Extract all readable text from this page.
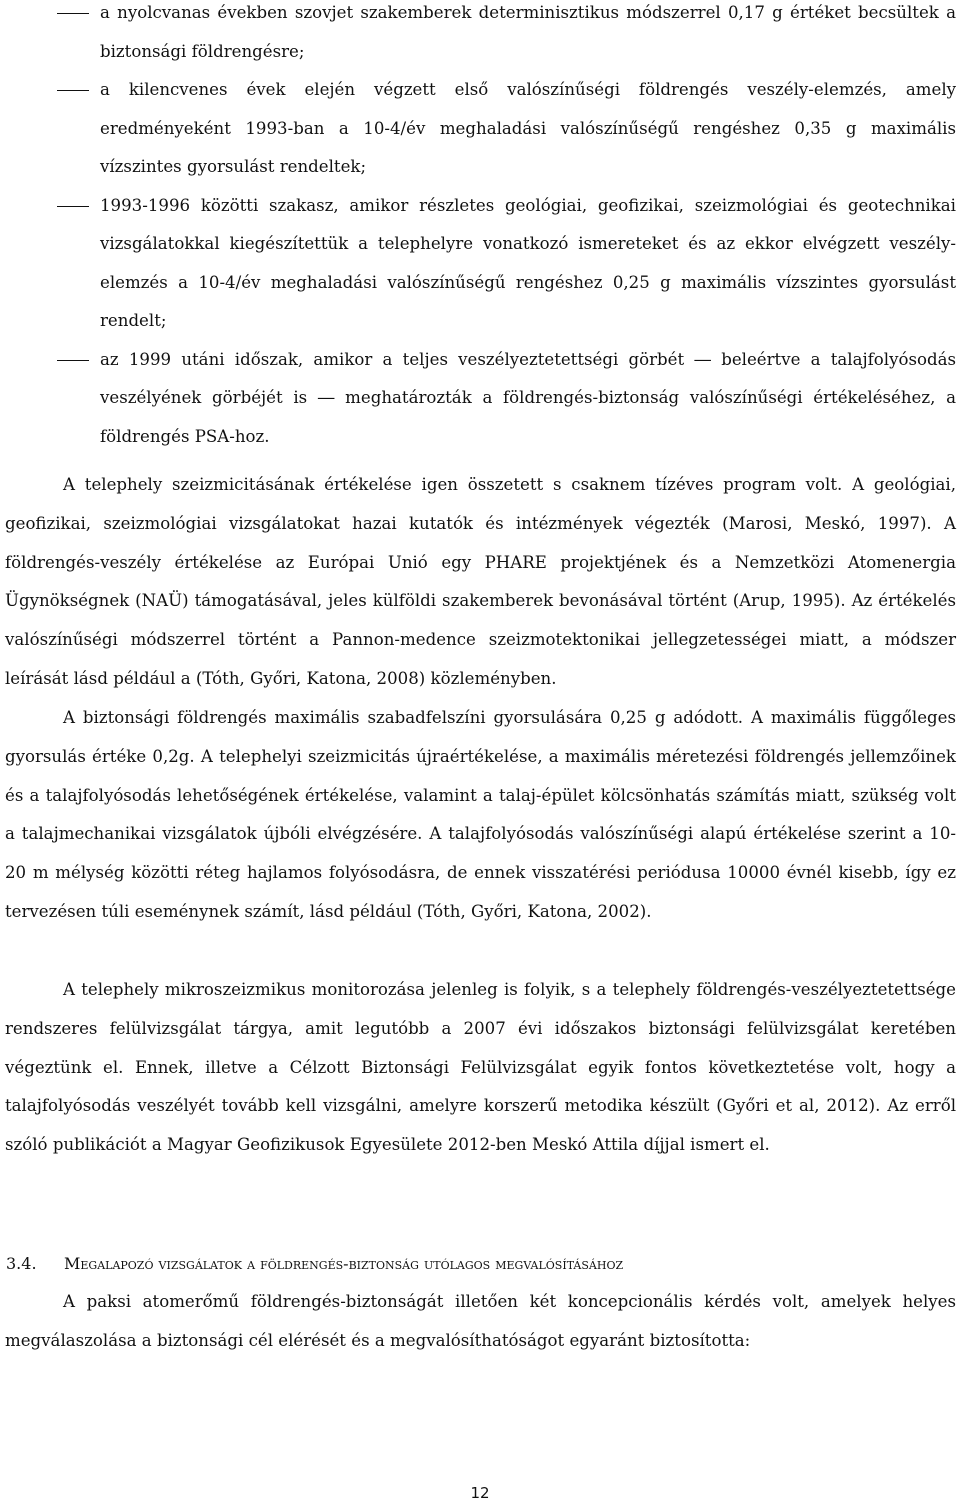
a nyolcvanas években szovjet szakemberek determinisztikus módszerrel 0,17 g értéket becsültek a biztonsági földrengésre;
a kilencvenes évek elején végzett első valószínűségi földrengés veszély-elemzés, amely eredményeként 1993-ban a 10-4/év meghaladási valószínűségű rengéshez 0,35 g maximális vízszintes gyorsulást rendeltek;
1993-1996 közötti szakasz, amikor részletes geológiai, geofizikai, szeizmológiai és geotechnikai vizsgálatokkal kiegészítettük a telephelyre vonatkozó ismereteket és az ekkor elvégzett veszély-elemzés a 10-4/év meghaladási valószínűségű rengéshez 0,25 g maximális vízszintes gyorsulást rendelt;
az 1999 utáni időszak, amikor a teljes veszélyeztetettségi görbét ― beleértve a talajfolyósodás veszélyének görbéjét is ― meghatározták a földrengés-biztonság valószínűségi értékeléséhez, a földrengés PSA-hoz.

A telephely szeizmicitásának értékelése igen összetett s csaknem tízéves program volt. A geológiai, geofizikai, szeizmológiai vizsgálatokat hazai kutatók és intézmények végezték (Marosi, Meskó, 1997). A földrengés-veszély értékelése az Európai Unió egy PHARE projektjének és a Nemzetközi Atomenergia Ügynökségnek (NAÜ) támogatásával, jeles külföldi szakemberek bevonásával történt (Arup, 1995). Az értékelés valószínűségi módszerrel történt a Pannon-medence szeizmotektonikai jellegzetességei miatt, a módszer leírását lásd például a (Tóth, Győri, Katona, 2008) közleményben.

A biztonsági földrengés maximális szabadfelszíni gyorsulására 0,25 g adódott. A maximális függőleges gyorsulás értéke 0,2g. A telephelyi szeizmicitás újraértékelése, a maximális méretezési földrengés jellemzőinek és a talajfolyósodás lehetőségének értékelése, valamint a talaj-épület kölcsönhatás számítás miatt, szükség volt a talajmechanikai vizsgálatok újbóli elvégzésére. A talajfolyósodás valószínűségi alapú értékelése szerint a 10-20 m mélység közötti réteg hajlamos folyósodásra, de ennek visszatérési periódusa 10000 évnél kisebb, így ez tervezésen túli eseménynek számít, lásd például (Tóth, Győri, Katona, 2002).

A telephely mikroszeizmikus monitorozása jelenleg is folyik, s a telephely földrengés-veszélyeztetettsége rendszeres felülvizsgálat tárgya, amit legutóbb a 2007 évi időszakos biztonsági felülvizsgálat keretében végeztünk el. Ennek, illetve a Célzott Biztonsági Felülvizsgálat egyik fontos következtetése volt, hogy a talajfolyósodás veszélyét tovább kell vizsgálni, amelyre korszerű metodika készült (Győri et al, 2012). Az erről szóló publikációt a Magyar Geofizikusok Egyesülete 2012-ben Meskó Attila díjjal ismert el.

3.4. Megalapozó vizsgálatok a földrengés-biztonság utólagos megvalósításához

A paksi atomerőmű földrengés-biztonságát illetően két koncepcionális kérdés volt, amelyek helyes megválaszolása a biztonsági cél elérését és a megvalósíthatóságot egyaránt biztosította:

12
